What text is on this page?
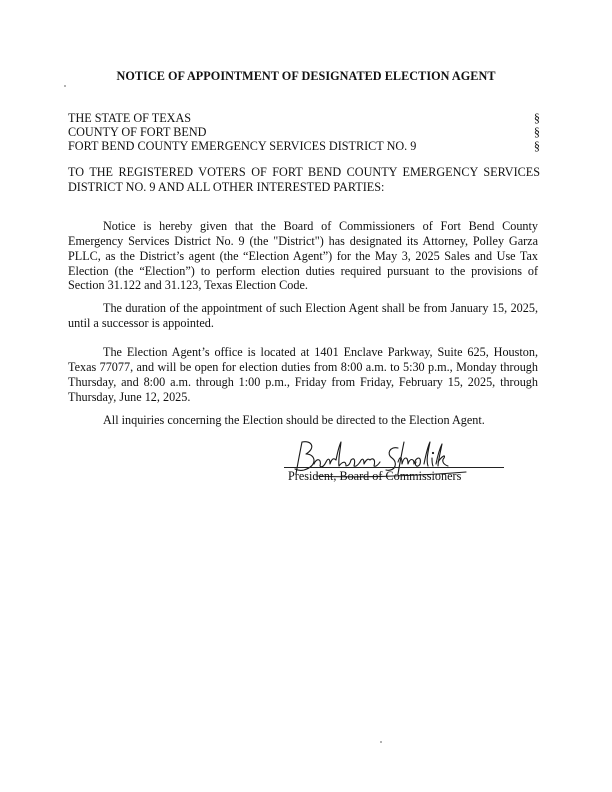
NOTICE OF APPOINTMENT OF DESIGNATED ELECTION AGENT
THE STATE OF TEXAS	§
COUNTY OF FORT BEND	§
FORT BEND COUNTY EMERGENCY SERVICES DISTRICT NO. 9	§
TO THE REGISTERED VOTERS OF FORT BEND COUNTY EMERGENCY SERVICES DISTRICT NO. 9 AND ALL OTHER INTERESTED PARTIES:

Notice is hereby given that the Board of Commissioners of Fort Bend County Emergency Services District No. 9 (the "District") has designated its Attorney, Polley Garza PLLC, as the District’s agent (the “Election Agent”) for the May 3, 2025 Sales and Use Tax Election (the “Election”) to perform election duties required pursuant to the provisions of Section 31.122 and 31.123, Texas Election Code.

The duration of the appointment of such Election Agent shall be from January 15, 2025, until a successor is appointed.

The Election Agent’s office is located at 1401 Enclave Parkway, Suite 625, Houston, Texas 77077, and will be open for election duties from 8:00 a.m. to 5:30 p.m., Monday through Thursday, and 8:00 a.m. through 1:00 p.m., Friday from Friday, February 15, 2025, through Thursday, June 12, 2025.

All inquiries concerning the Election should be directed to the Election Agent.

President, Board of Commissioners
